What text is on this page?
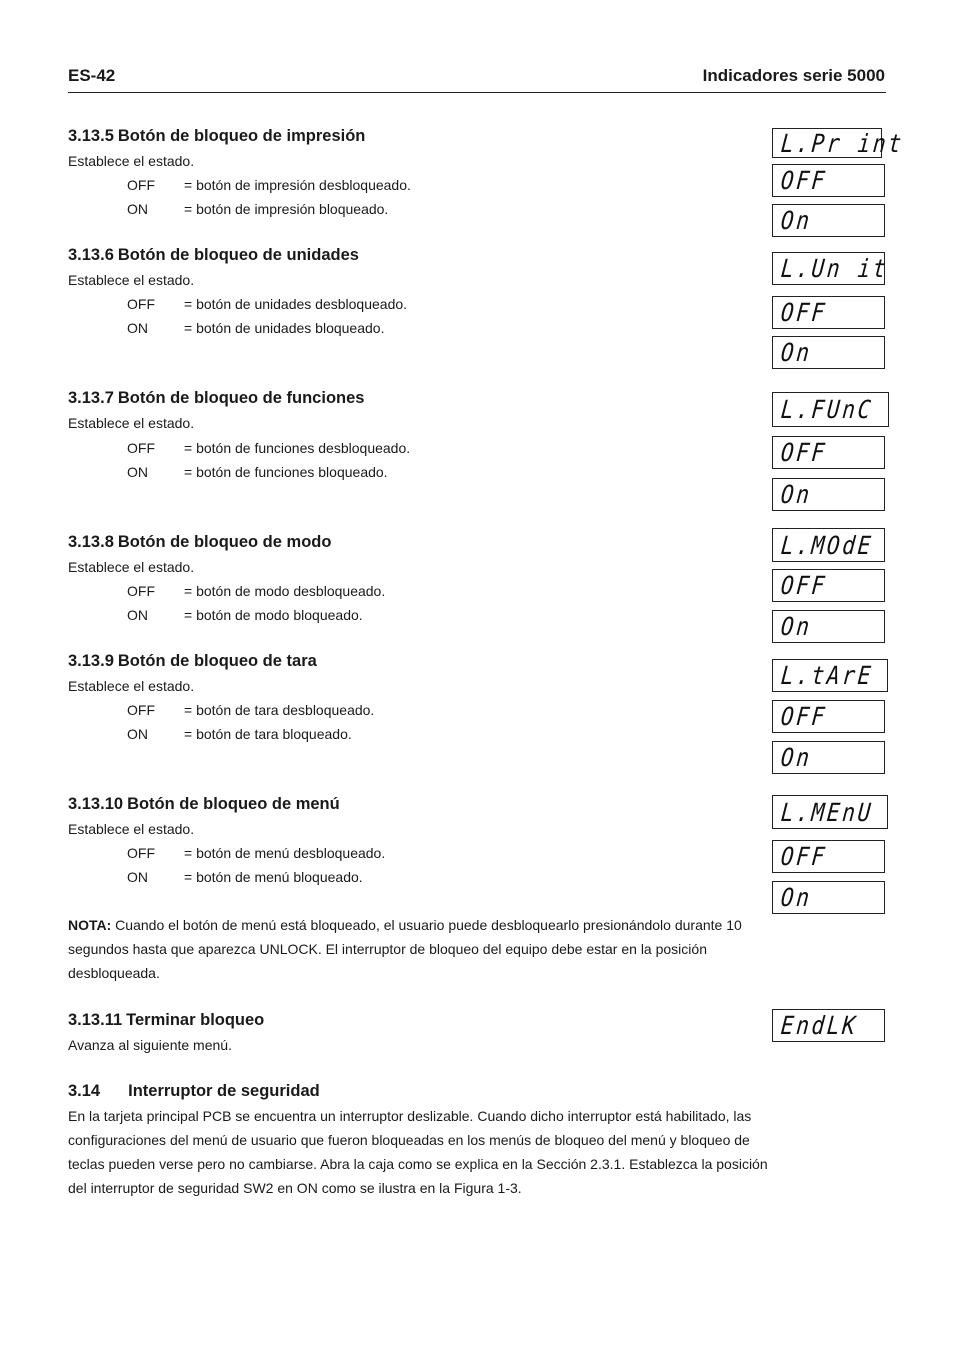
ES-42	Indicadores serie 5000
3.13.5 Botón de bloqueo de impresión
Establece el estado.
OFF = botón de impresión desbloqueado.
ON	= botón de impresión bloqueado.
L.Pr int
OFF
On
3.13.6 Botón de bloqueo de unidades
Establece el estado.
OFF = botón de unidades desbloqueado.
ON	= botón de unidades bloqueado.
L.Un it
OFF
On
3.13.7 Botón de bloqueo de funciones
Establece el estado.
OFF = botón de funciones desbloqueado.
ON	= botón de funciones bloqueado.
L.FUnC
OFF
On
3.13.8 Botón de bloqueo de modo
Establece el estado.
OFF = botón de modo desbloqueado.
ON	= botón de modo bloqueado.
L.MOdE
OFF
On
3.13.9 Botón de bloqueo de tara
Establece el estado.
OFF = botón de tara desbloqueado.
ON	= botón de tara bloqueado.
L.tArE
OFF
On
3.13.10 Botón de bloqueo de menú
Establece el estado.
OFF = botón de menú desbloqueado.
ON	= botón de menú bloqueado.
L.MEnU
OFF
On
NOTA: Cuando el botón de menú está bloqueado, el usuario puede desbloquearlo presionándolo durante 10 segundos hasta que aparezca UNLOCK. El interruptor de bloqueo del equipo debe estar en la posición desbloqueada.
3.13.11 Terminar bloqueo
Avanza al siguiente menú.
EndLK
3.14 Interruptor de seguridad
En la tarjeta principal PCB se encuentra un interruptor deslizable. Cuando dicho interruptor está habilitado, las configuraciones del menú de usuario que fueron bloqueadas en los menús de bloqueo del menú y bloqueo de teclas pueden verse pero no cambiarse. Abra la caja como se explica en la Sección 2.3.1. Establezca la posición del interruptor de seguridad SW2 en ON como se ilustra en la Figura 1-3.
